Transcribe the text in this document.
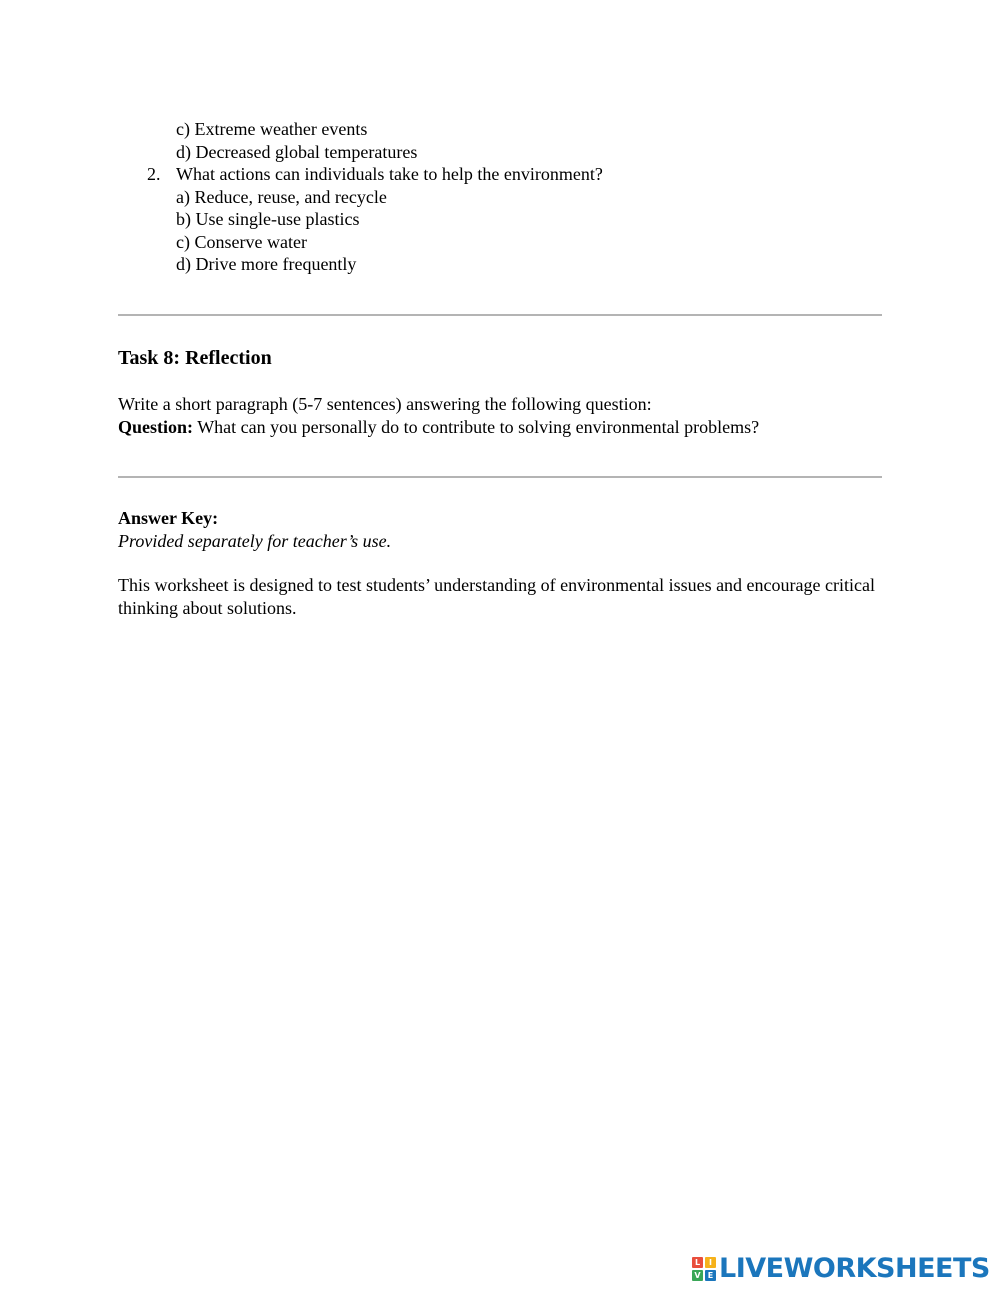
c) Extreme weather events
d) Decreased global temperatures
2. What actions can individuals take to help the environment?
a) Reduce, reuse, and recycle
b) Use single-use plastics
c) Conserve water
d) Drive more frequently
Task 8: Reflection
Write a short paragraph (5-7 sentences) answering the following question:
Question: What can you personally do to contribute to solving environmental problems?
Answer Key:
Provided separately for teacher’s use.
This worksheet is designed to test students’ understanding of environmental issues and encourage critical thinking about solutions.
L	I
V E LIVEWORKSHEETS
